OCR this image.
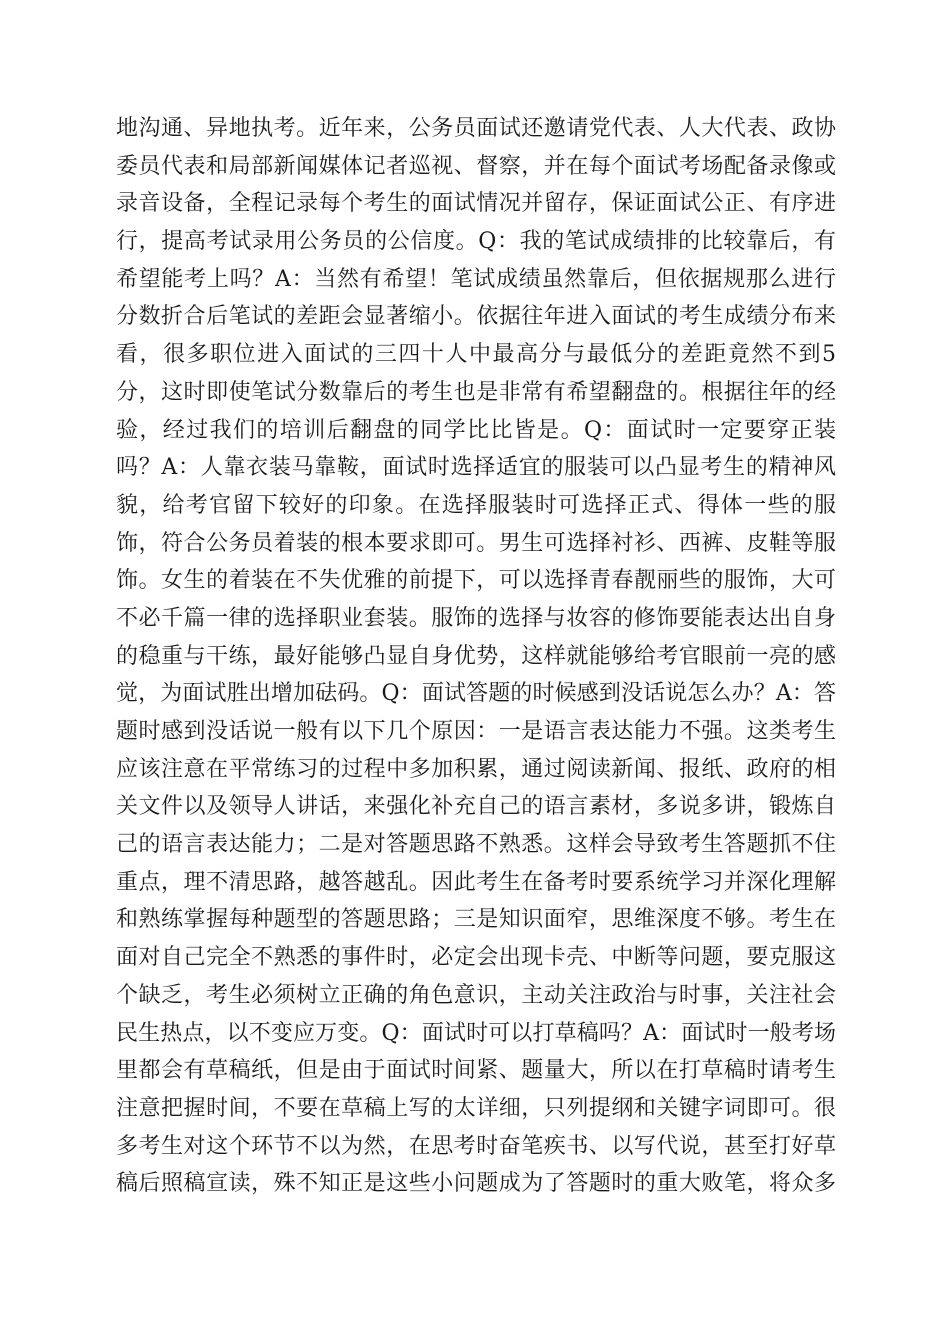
地沟通、异地执考。近年来，公务员面试还邀请党代表、人大代表、政协
委员代表和局部新闻媒体记者巡视、督察，并在每个面试考场配备录像或
录音设备，全程记录每个考生的面试情况并留存，保证面试公正、有序进
行，提高考试录用公务员的公信度。Q：我的笔试成绩排的比较靠后，有
希望能考上吗？A：当然有希望！笔试成绩虽然靠后，但依据规那么进行
分数折合后笔试的差距会显著缩小。依据往年进入面试的考生成绩分布来
看，很多职位进入面试的三四十人中最高分与最低分的差距竟然不到5
分，这时即使笔试分数靠后的考生也是非常有希望翻盘的。根据往年的经
验，经过我们的培训后翻盘的同学比比皆是。Q：面试时一定要穿正装
吗？A：人靠衣装马靠鞍，面试时选择适宜的服装可以凸显考生的精神风
貌，给考官留下较好的印象。在选择服装时可选择正式、得体一些的服
饰，符合公务员着装的根本要求即可。男生可选择衬衫、西裤、皮鞋等服
饰。女生的着装在不失优雅的前提下，可以选择青春靓丽些的服饰，大可
不必千篇一律的选择职业套装。服饰的选择与妆容的修饰要能表达出自身
的稳重与干练，最好能够凸显自身优势，这样就能够给考官眼前一亮的感
觉，为面试胜出增加砝码。Q：面试答题的时候感到没话说怎么办？A：答
题时感到没话说一般有以下几个原因：一是语言表达能力不强。这类考生
应该注意在平常练习的过程中多加积累，通过阅读新闻、报纸、政府的相
关文件以及领导人讲话，来强化补充自己的语言素材，多说多讲，锻炼自
己的语言表达能力；二是对答题思路不熟悉。这样会导致考生答题抓不住
重点，理不清思路，越答越乱。因此考生在备考时要系统学习并深化理解
和熟练掌握每种题型的答题思路；三是知识面窄，思维深度不够。考生在
面对自己完全不熟悉的事件时，必定会出现卡壳、中断等问题，要克服这
个缺乏，考生必须树立正确的角色意识，主动关注政治与时事，关注社会
民生热点，以不变应万变。Q：面试时可以打草稿吗？A：面试时一般考场
里都会有草稿纸，但是由于面试时间紧、题量大，所以在打草稿时请考生
注意把握时间，不要在草稿上写的太详细，只列提纲和关键字词即可。很
多考生对这个环节不以为然，在思考时奋笔疾书、以写代说，甚至打好草
稿后照稿宣读，殊不知正是这些小问题成为了答题时的重大败笔，将众多
